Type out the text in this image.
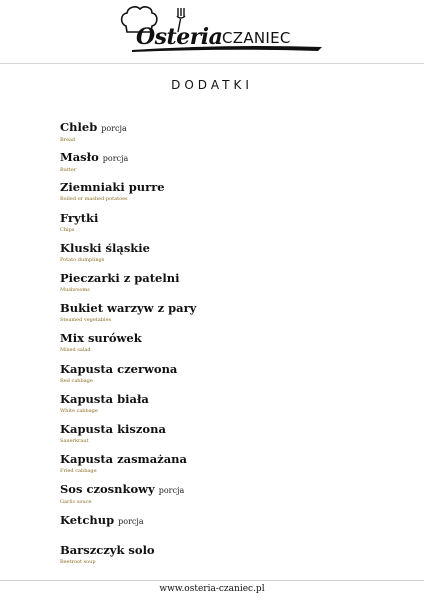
Osteria CZANIEC
DODATKI
Chleb porcja
Bread
Masło porcja
Butter
Ziemniaki purre
Boiled or mashed potatoes
Frytki
Chips
Kluski śląskie
Potato dumplings
Pieczarki z patelni
Mushrooms
Bukiet warzyw z pary
Steamed vegetables
Mix surówek
Mixed salad
Kapusta czerwona
Red cabbage
Kapusta biała
White cabbage
Kapusta kiszona
Sauerkraut
Kapusta zasmażana
Fried cabbage
Sos czosnkowy porcja
Garlic souce
Ketchup porcja
Barszczyk solo
Beetroot soup
www.osteria-czaniec.pl
